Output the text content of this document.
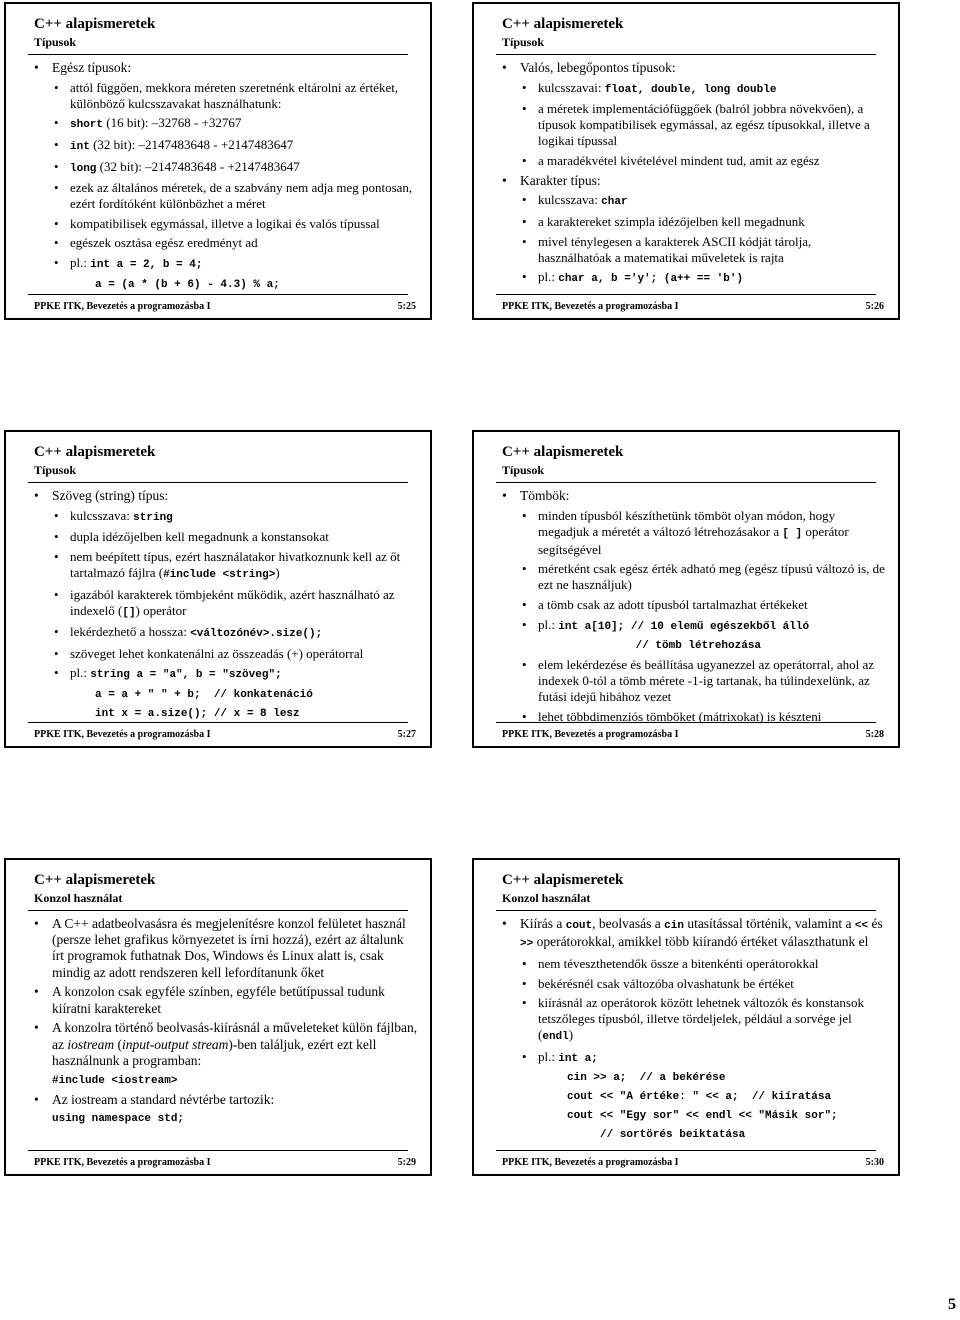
C++ alapismeretek
Típusok
• Egész típusok:
• attól függően, mekkora méreten szeretnénk eltárolni az értéket, különböző kulcsszavakat használhatunk:
• short (16 bit): –32768 - +32767
• int (32 bit): –2147483648 - +2147483647
• long (32 bit): –2147483648 - +2147483647
• ezek az általános méretek, de a szabvány nem adja meg pontosan, ezért fordítóként különbözhet a méret
• kompatibilisek egymással, illetve a logikai és valós típussal
• egészek osztása egész eredményt ad
• pl.: int a = 2, b = 4;
a = (a * (b + 6) - 4.3) % a;
PPKE ITK, Bevezetés a programozásba I	5:25
C++ alapismeretek
Típusok
• Valós, lebegőpontos típusok:
• kulcsszavai: float, double, long double
• a méretek implementációfüggőek (balról jobbra növekvően), a típusok kompatibilisek egymással, az egész típusokkal, illetve a logikai típussal
• a maradékvétel kivételével mindent tud, amit az egész
• Karakter típus:
• kulcsszava: char
• a karaktereket szimpla idézőjelben kell megadnunk
• mivel ténylegesen a karakterek ASCII kódját tárolja, használhatóak a matematikai műveletek is rajta
• pl.: char a, b ='y'; (a++ == 'b')
PPKE ITK, Bevezetés a programozásba I	5:26
C++ alapismeretek
Típusok
• Szöveg (string) típus:
• kulcsszava: string
• dupla idézőjelben kell megadnunk a konstansokat
• nem beépített típus, ezért használatakor hivatkoznunk kell az őt tartalmazó fájlra (#include <string>)
• igazából karakterek tömbjeként működik, azért használható az indexelő ([]) operátor
• lekérdezhető a hossza: <változónév>.size();
• szöveget lehet konkatenálni az összeadás (+) operátorral
• pl.: string a = "a", b = "szöveg";
a = a + " " + b;  // konkatenáció
int x = a.size(); // x = 8 lesz
PPKE ITK, Bevezetés a programozásba I	5:27
C++ alapismeretek
Típusok
• Tömbök:
• minden típusból készíthetünk tömböt olyan módon, hogy megadjuk a méretét a változó létrehozásakor a [ ] operátor segítségével
• méretként csak egész érték adható meg (egész típusú változó is, de ezt ne használjuk)
• a tömb csak az adott típusból tartalmazhat értékeket
• pl.: int a[10]; // 10 elemű egészekből álló
// tömb létrehozása
• elem lekérdezése és beállítása ugyanezzel az operátorral, ahol az indexek 0-tól a tömb mérete -1-ig tartanak, ha túlindexelünk, az futási idejű hibához vezet
• lehet többdimenziós tömböket (mátrixokat) is készteni
PPKE ITK, Bevezetés a programozásba I	5:28
C++ alapismeretek
Konzol használat
• A C++ adatbeolvasásra és megjelenítésre konzol felületet használ (persze lehet grafikus környezetet is írni hozzá), ezért az általunk írt programok futhatnak Dos, Windows és Linux alatt is, csak mindig az adott rendszeren kell lefordítanunk őket
• A konzolon csak egyféle színben, egyféle betűtípussal tudunk kiíratni karaktereket
• A konzolra történő beolvasás-kiírásnál a műveleteket külön fájlban, az iostream (input-output stream)-ben találjuk, ezért ezt kell használnunk a programban:
#include <iostream>
• Az iostream a standard névtérbe tartozik:
using namespace std;
PPKE ITK, Bevezetés a programozásba I	5:29
C++ alapismeretek
Konzol használat
• Kiírás a cout, beolvasás a cin utasítással történik, valamint a << és >> operátorokkal, amikkel több kiírandó értéket választhatunk el
• nem téveszthetendők össze a bitenkénti operátorokkal
• bekérésnél csak változóba olvashatunk be értéket
• kiírásnál az operátorok között lehetnek változók és konstansok tetszőleges típusból, illetve tördeljelek, például a sorvége jel (endl)
• pl.: int a;
cin >> a;  // a bekérése
cout << "A értéke: " << a;  // kiíratása
cout << "Egy sor" << endl << "Másik sor";
// sortörés beiktatása
PPKE ITK, Bevezetés a programozásba I	5:30
5
